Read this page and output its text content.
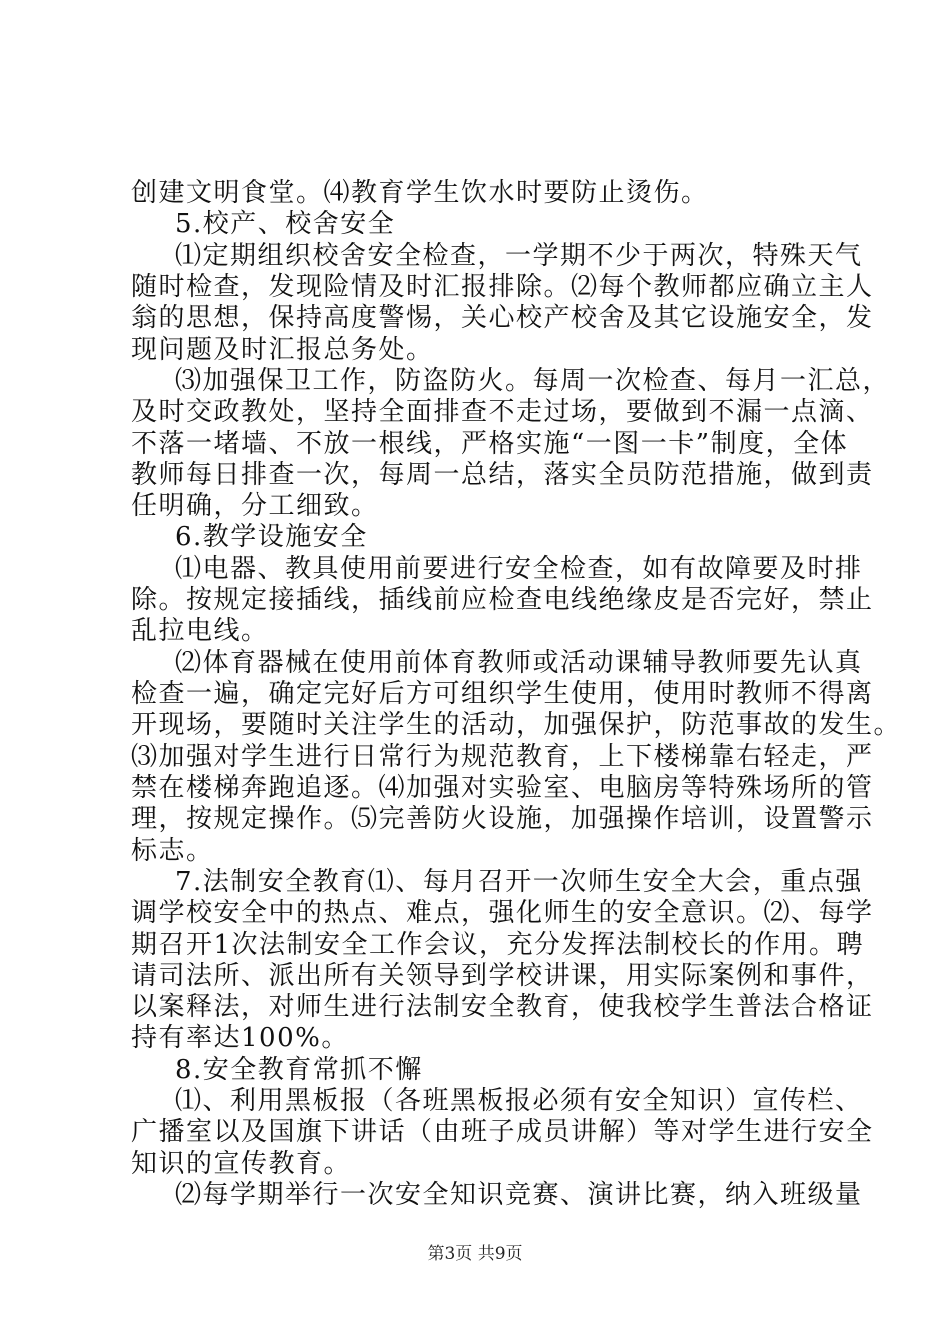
创建文明食堂。⑷教育学生饮水时要防止烫伤。
5.校产、校舍安全
⑴定期组织校舍安全检查，一学期不少于两次，特殊天气
随时检查，发现险情及时汇报排除。⑵每个教师都应确立主人
翁的思想，保持高度警惕，关心校产校舍及其它设施安全，发
现问题及时汇报总务处。
⑶加强保卫工作，防盗防火。每周一次检查、每月一汇总，
及时交政教处，坚持全面排查不走过场，要做到不漏一点滴、
不落一堵墙、不放一根线，严格实施“一图一卡”制度，全体
教师每日排查一次，每周一总结，落实全员防范措施，做到责
任明确，分工细致。
6.教学设施安全
⑴电器、教具使用前要进行安全检查，如有故障要及时排
除。按规定接插线，插线前应检查电线绝缘皮是否完好，禁止
乱拉电线。
⑵体育器械在使用前体育教师或活动课辅导教师要先认真
检查一遍，确定完好后方可组织学生使用，使用时教师不得离
开现场，要随时关注学生的活动，加强保护，防范事故的发生。
⑶加强对学生进行日常行为规范教育，上下楼梯靠右轻走，严
禁在楼梯奔跑追逐。⑷加强对实验室、电脑房等特殊场所的管
理，按规定操作。⑸完善防火设施，加强操作培训，设置警示
标志。
7.法制安全教育⑴、每月召开一次师生安全大会，重点强
调学校安全中的热点、难点，强化师生的安全意识。⑵、每学
期召开1次法制安全工作会议，充分发挥法制校长的作用。聘
请司法所、派出所有关领导到学校讲课，用实际案例和事件，
以案释法，对师生进行法制安全教育，使我校学生普法合格证
持有率达100%。
8.安全教育常抓不懈
⑴、利用黑板报（各班黑板报必须有安全知识）宣传栏、
广播室以及国旗下讲话（由班子成员讲解）等对学生进行安全
知识的宣传教育。
⑵每学期举行一次安全知识竞赛、演讲比赛，纳入班级量
第3页 共9页
